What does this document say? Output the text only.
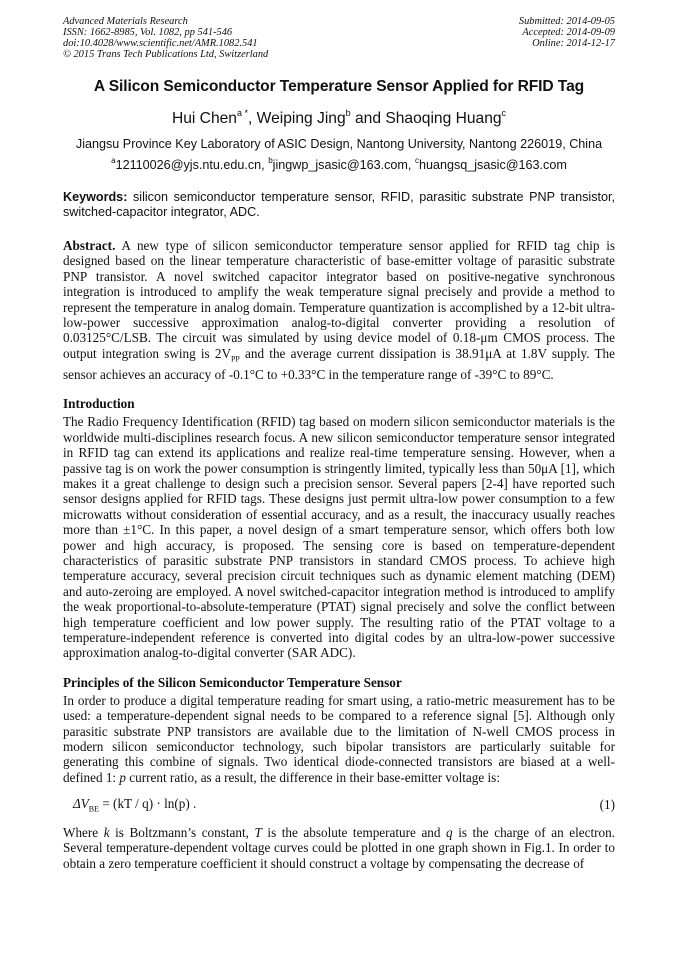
Advanced Materials Research
ISSN: 1662-8985, Vol. 1082, pp 541-546
doi:10.4028/www.scientific.net/AMR.1082.541
© 2015 Trans Tech Publications Ltd, Switzerland
Submitted: 2014-09-05
Accepted: 2014-09-09
Online: 2014-12-17
A Silicon Semiconductor Temperature Sensor Applied for RFID Tag
Hui Chen$^{a *}$, Weiping Jing$^b$ and Shaoqing Huang$^c$
Jiangsu Province Key Laboratory of ASIC Design, Nantong University, Nantong 226019, China
$^a$12110026@yjs.ntu.edu.cn, $^b$jingwp_jsasic@163.com, $^c$huangsq_jsasic@163.com
Keywords: silicon semiconductor temperature sensor, RFID, parasitic substrate PNP transistor, switched-capacitor integrator, ADC.
Abstract. A new type of silicon semiconductor temperature sensor applied for RFID tag chip is designed based on the linear temperature characteristic of base-emitter voltage of parasitic substrate PNP transistor. A novel switched capacitor integrator based on positive-negative synchronous integration is introduced to amplify the weak temperature signal precisely and provide a method to represent the temperature in analog domain. Temperature quantization is accomplished by a 12-bit ultra-low-power successive approximation analog-to-digital converter providing a resolution of 0.03125°C/LSB. The circuit was simulated by using device model of 0.18-μm CMOS process. The output integration swing is $2V_{PP}$ and the average current dissipation is 38.91μA at 1.8V supply. The sensor achieves an accuracy of -0.1°C to +0.33°C in the temperature range of -39°C to 89°C.
Introduction

The Radio Frequency Identification (RFID) tag based on modern silicon semiconductor materials is the worldwide multi-disciplines research focus. A new silicon semiconductor temperature sensor integrated in RFID tag can extend its applications and realize real-time temperature sensing. However, when a passive tag is on work the power consumption is stringently limited, typically less than 50μA [1], which makes it a great challenge to design such a precision sensor. Several papers [2-4] have reported such sensor designs applied for RFID tags. These designs just permit ultra-low power consumption to a few microwatts without consideration of essential accuracy, and as a result, the inaccuracy usually reaches more than ±1°C. In this paper, a novel design of a smart temperature sensor, which offers both low power and high accuracy, is proposed. The sensing core is based on temperature-dependent characteristics of parasitic substrate PNP transistors in standard CMOS process. To achieve high temperature accuracy, several precision circuit techniques such as dynamic element matching (DEM) and auto-zeroing are employed. A novel switched-capacitor integration method is introduced to amplify the weak proportional-to-absolute-temperature (PTAT) signal precisely and solve the conflict between high temperature coefficient and low power supply. The resulting ratio of the PTAT voltage to a temperature-independent reference is converted into digital codes by an ultra-low-power successive approximation analog-to-digital converter (SAR ADC).

Principles of the Silicon Semiconductor Temperature Sensor

In order to produce a digital temperature reading for smart using, a ratio-metric measurement has to be used: a temperature-dependent signal needs to be compared to a reference signal [5]. Although only parasitic substrate PNP transistors are available due to the limitation of N-well CMOS process in modern silicon semiconductor technology, such bipolar transistors are particularly suitable for generating this combine of signals. Two identical diode-connected transistors are biased at a well-defined 1: p current ratio, as a result, the difference in their base-emitter voltage is:

$\Delta V_{BE} = (kT / q) \cdot \ln(p)$ .	(1)

Where k is Boltzmann’s constant, T is the absolute temperature and q is the charge of an electron. Several temperature-dependent voltage curves could be plotted in one graph shown in Fig.1. In order to obtain a zero temperature coefficient it should construct a voltage by compensating the decrease of
